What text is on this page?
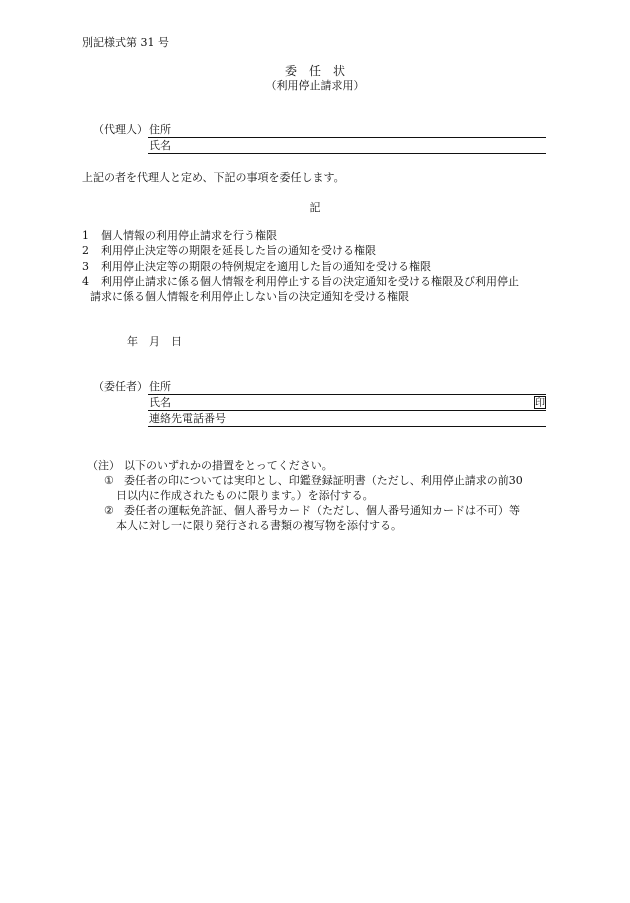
別記様式第 31 号
委　任　状
（利用停止請求用）
（代理人） 住所
氏名
上記の者を代理人と定め、下記の事項を委任します。
記
1 個人情報の利用停止請求を行う権限
2 利用停止決定等の期限を延長した旨の通知を受ける権限
3 利用停止決定等の期限の特例規定を適用した旨の通知を受ける権限
4 利用停止請求に係る個人情報を利用停止する旨の決定通知を受ける権限及び利用停止
請求に係る個人情報を利用停止しない旨の決定通知を受ける権限
年　月　日
（委任者） 住所
氏名	印
連絡先電話番号
（注） 以下のいずれかの措置をとってください。
① 委任者の印については実印とし、印鑑登録証明書（ただし、利用停止請求の前30
日以内に作成されたものに限ります。）を添付する。
② 委任者の運転免許証、個人番号カード（ただし、個人番号通知カードは不可）等
本人に対し一に限り発行される書類の複写物を添付する。
